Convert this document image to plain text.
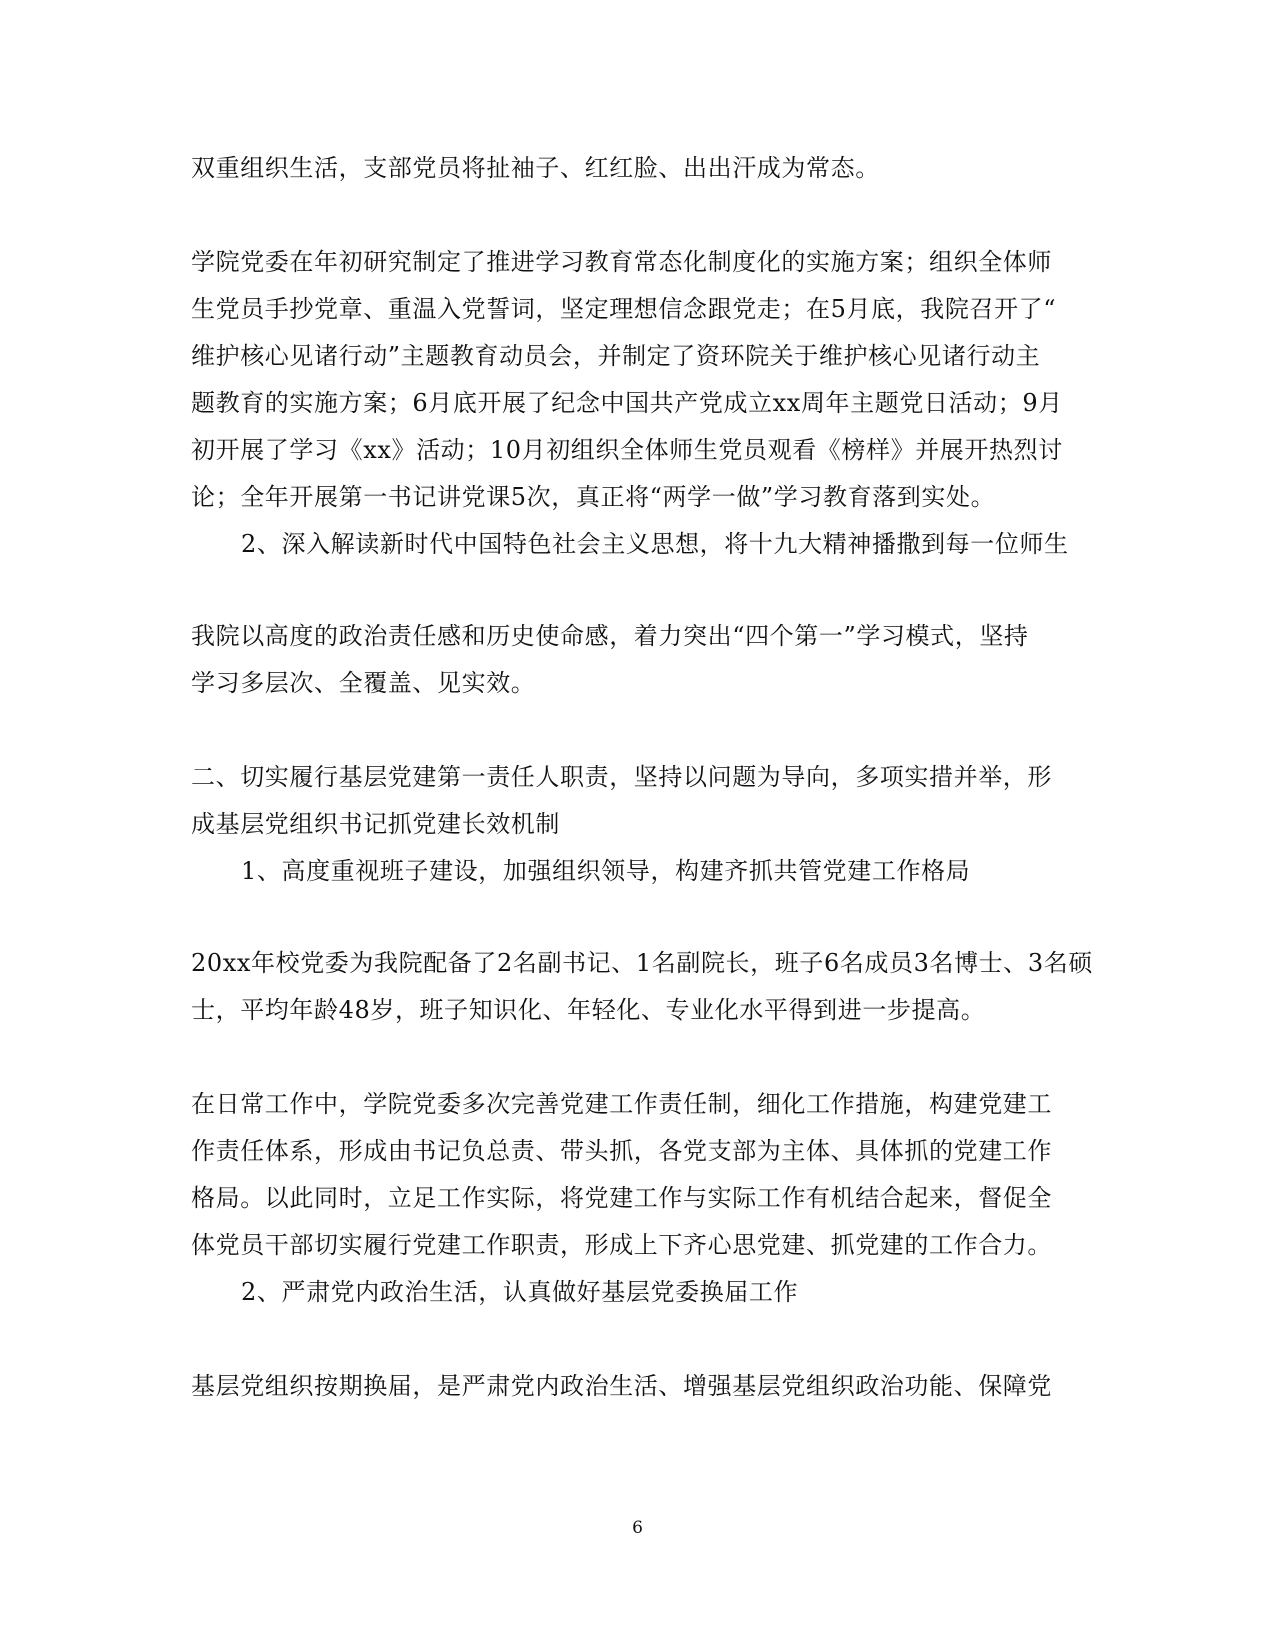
双重组织生活，支部党员将扯袖子、红红脸、出出汗成为常态。
学院党委在年初研究制定了推进学习教育常态化制度化的实施方案；组织全体师
生党员手抄党章、重温入党誓词，坚定理想信念跟党走；在5月底，我院召开了“
维护核心见诸行动”主题教育动员会，并制定了资环院关于维护核心见诸行动主
题教育的实施方案；6月底开展了纪念中国共产党成立xx周年主题党日活动；9月
初开展了学习《xx》活动；10月初组织全体师生党员观看《榜样》并展开热烈讨
论；全年开展第一书记讲党课5次，真正将“两学一做”学习教育落到实处。
2、深入解读新时代中国特色社会主义思想，将十九大精神播撒到每一位师生
我院以高度的政治责任感和历史使命感，着力突出“四个第一”学习模式，坚持
学习多层次、全覆盖、见实效。
二、切实履行基层党建第一责任人职责，坚持以问题为导向，多项实措并举，形
成基层党组织书记抓党建长效机制
1、高度重视班子建设，加强组织领导，构建齐抓共管党建工作格局
20xx年校党委为我院配备了2名副书记、1名副院长，班子6名成员3名博士、3名硕
士，平均年龄48岁，班子知识化、年轻化、专业化水平得到进一步提高。
在日常工作中，学院党委多次完善党建工作责任制，细化工作措施，构建党建工
作责任体系，形成由书记负总责、带头抓，各党支部为主体、具体抓的党建工作
格局。以此同时，立足工作实际，将党建工作与实际工作有机结合起来，督促全
体党员干部切实履行党建工作职责，形成上下齐心思党建、抓党建的工作合力。
2、严肃党内政治生活，认真做好基层党委换届工作
基层党组织按期换届，是严肃党内政治生活、增强基层党组织政治功能、保障党
6
